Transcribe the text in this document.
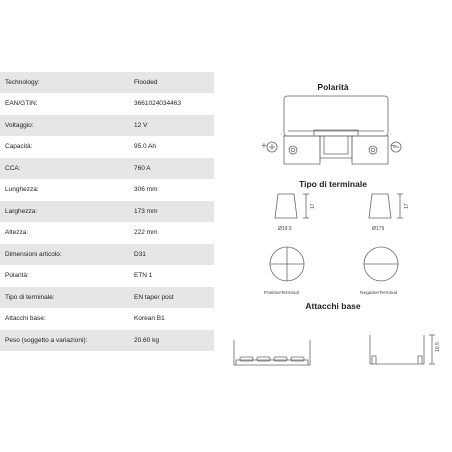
Technology:	Flooded
EAN/GTIN:	3661024034463
Voltaggio:	12 V
Capacità:	95.0 Ah
CCA:	760 A
Lunghezza:	306 mm
Larghezza:	173 mm
Altezza:	222 mm
Dimensioni articolo:	D31
Polarità:	ETN 1
Tipo di terminale:	EN taper post
Attacchi base:	Korean B1
Peso (soggetto a variazioni):	20.60 kg
Polarità
17	17
Ø19.5	Ø179
PositiveTerminal	NegativeTerminal
10.5
+	−
Tipo di terminale
Attacchi base
